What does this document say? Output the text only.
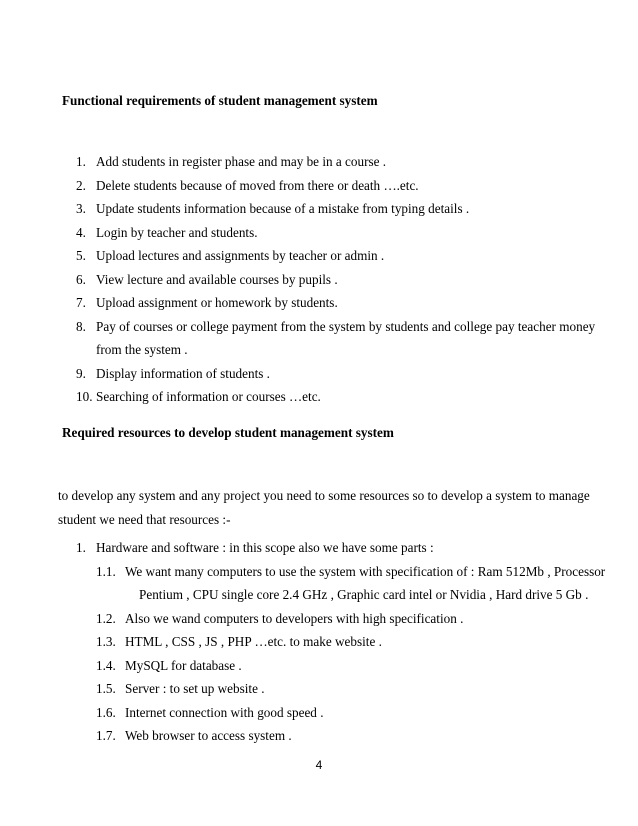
Functional requirements of student management system
1. Add students in register phase and may be in a course .
2. Delete students because of moved from there or death ….etc.
3. Update students information because of a mistake from typing details .
4. Login by teacher and students.
5. Upload lectures and assignments by teacher or admin .
6. View lecture and available courses by pupils .
7. Upload assignment or homework by students.
8. Pay of courses or college payment from the system by students and college pay teacher money
from the system .
9. Display information of students .
10. Searching of information or courses …etc.
Required resources to develop student management system
to develop any system and any project you need to some resources so to develop a system to manage
student we need that resources :-
1. Hardware and software : in this scope also we have some parts :
1.1. We want many computers to use the system with specification of : Ram 512Mb , Processor
Pentium , CPU single core 2.4 GHz , Graphic card intel or Nvidia , Hard drive 5 Gb .
1.2. Also we wand computers to developers with high specification .
1.3. HTML , CSS , JS , PHP …etc. to make website .
1.4. MySQL for database .
1.5. Server : to set up website .
1.6. Internet connection with good speed .
1.7. Web browser to access system .
4
